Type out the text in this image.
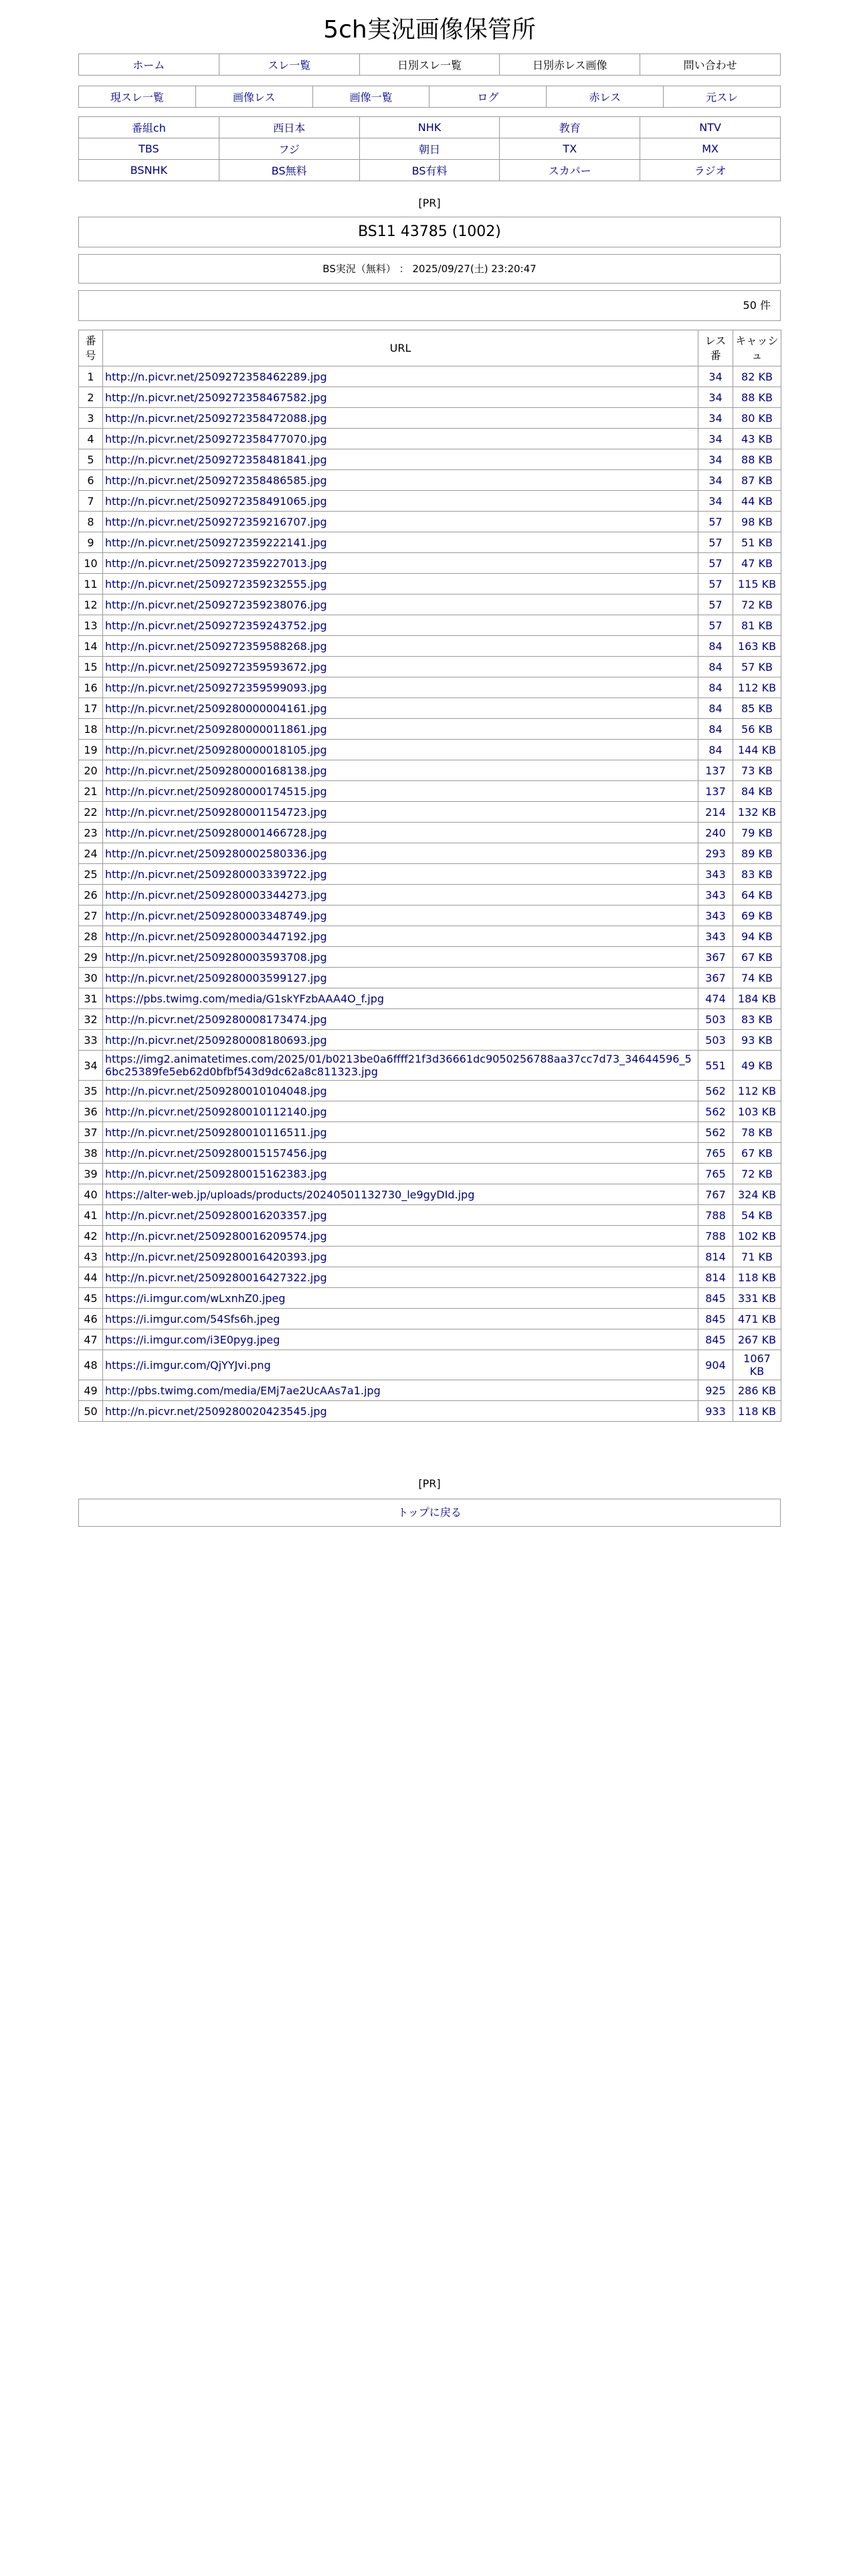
5ch実況画像保管所
ホーム	スレ一覧	日別スレ一覧	日別赤レス画像	問い合わせ
現スレ一覧	画像レス	画像一覧	ログ	赤レス	元スレ
番組ch	西日本	NHK	教育	NTV
TBS	フジ	朝日	TX	MX
BSNHK	BS無料	BS有料	スカパー	ラジオ
[PR]
BS11 43785 (1002)
BS実況（無料） ： 2025/09/27(土) 23:20:47
50 件
番号	URL	レス番	キャッシュ
1	http://n.picvr.net/2509272358462289.jpg	34	82 KB
2	http://n.picvr.net/2509272358467582.jpg	34	88 KB
3	http://n.picvr.net/2509272358472088.jpg	34	80 KB
4	http://n.picvr.net/2509272358477070.jpg	34	43 KB
5	http://n.picvr.net/2509272358481841.jpg	34	88 KB
6	http://n.picvr.net/2509272358486585.jpg	34	87 KB
7	http://n.picvr.net/2509272358491065.jpg	34	44 KB
8	http://n.picvr.net/2509272359216707.jpg	57	98 KB
9	http://n.picvr.net/2509272359222141.jpg	57	51 KB
10	http://n.picvr.net/2509272359227013.jpg	57	47 KB
11	http://n.picvr.net/2509272359232555.jpg	57	115 KB
12	http://n.picvr.net/2509272359238076.jpg	57	72 KB
13	http://n.picvr.net/2509272359243752.jpg	57	81 KB
14	http://n.picvr.net/2509272359588268.jpg	84	163 KB
15	http://n.picvr.net/2509272359593672.jpg	84	57 KB
16	http://n.picvr.net/2509272359599093.jpg	84	112 KB
17	http://n.picvr.net/2509280000004161.jpg	84	85 KB
18	http://n.picvr.net/2509280000011861.jpg	84	56 KB
19	http://n.picvr.net/2509280000018105.jpg	84	144 KB
20	http://n.picvr.net/2509280000168138.jpg	137	73 KB
21	http://n.picvr.net/2509280000174515.jpg	137	84 KB
22	http://n.picvr.net/2509280001154723.jpg	214	132 KB
23	http://n.picvr.net/2509280001466728.jpg	240	79 KB
24	http://n.picvr.net/2509280002580336.jpg	293	89 KB
25	http://n.picvr.net/2509280003339722.jpg	343	83 KB
26	http://n.picvr.net/2509280003344273.jpg	343	64 KB
27	http://n.picvr.net/2509280003348749.jpg	343	69 KB
28	http://n.picvr.net/2509280003447192.jpg	343	94 KB
29	http://n.picvr.net/2509280003593708.jpg	367	67 KB
30	http://n.picvr.net/2509280003599127.jpg	367	74 KB
31	https://pbs.twimg.com/media/G1skYFzbAAA4O_f.jpg	474	184 KB
32	http://n.picvr.net/2509280008173474.jpg	503	83 KB
33	http://n.picvr.net/2509280008180693.jpg	503	93 KB
34	https://img2.animatetimes.com/2025/01/b0213be0a6ffff21f3d36661dc9050256788aa37cc7d73_34644596_56bc25389fe5eb62d0bfbf543d9dc62a8c811323.jpg	551	49 KB
35	http://n.picvr.net/2509280010104048.jpg	562	112 KB
36	http://n.picvr.net/2509280010112140.jpg	562	103 KB
37	http://n.picvr.net/2509280010116511.jpg	562	78 KB
38	http://n.picvr.net/2509280015157456.jpg	765	67 KB
39	http://n.picvr.net/2509280015162383.jpg	765	72 KB
40	https://alter-web.jp/uploads/products/20240501132730_le9gyDId.jpg	767	324 KB
41	http://n.picvr.net/2509280016203357.jpg	788	54 KB
42	http://n.picvr.net/2509280016209574.jpg	788	102 KB
43	http://n.picvr.net/2509280016420393.jpg	814	71 KB
44	http://n.picvr.net/2509280016427322.jpg	814	118 KB
45	https://i.imgur.com/wLxnhZ0.jpeg	845	331 KB
46	https://i.imgur.com/54Sfs6h.jpeg	845	471 KB
47	https://i.imgur.com/i3E0pyg.jpeg	845	267 KB
48	https://i.imgur.com/QjYYJvi.png	904	1067 KB
49	http://pbs.twimg.com/media/EMj7ae2UcAAs7a1.jpg	925	286 KB
50	http://n.picvr.net/2509280020423545.jpg	933	118 KB
[PR]
トップに戻る
